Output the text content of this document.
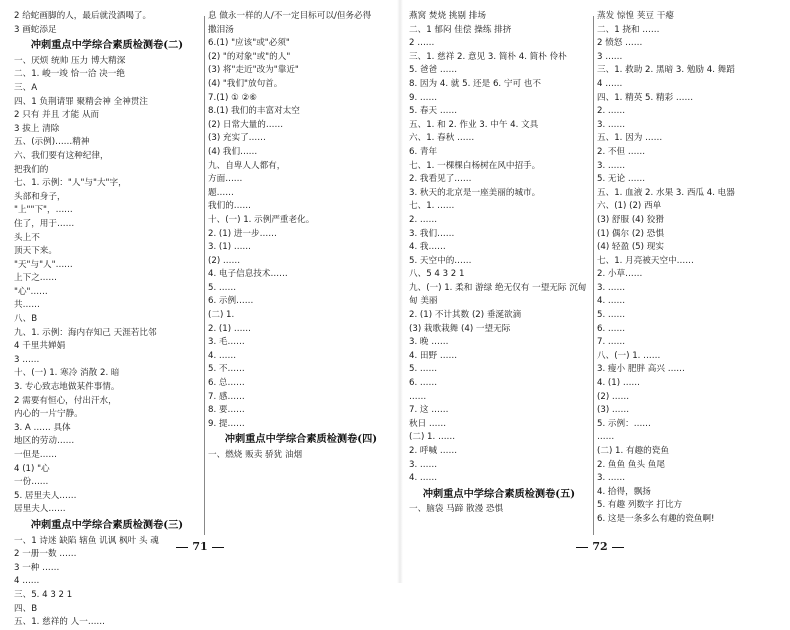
2 给蛇画脚的人，最后就没酒喝了。
3 画蛇添足
冲刺重点中学综合素质检测卷(二)
一、厌烦 统帅 压力 博大精深
二、1. 峻一竣 恰一洽 决一绝
三、A
四、1 负荆请罪 聚精会神 全神贯注
2 只有 并且 才能 从而
3 拔上 清除
五、(示例)……精神
六、我们要有这种纪律，
把我们的
七、1. 示例："人"与"大"字，
头部和身子，
"上""下"，……
住了，用于……
头上不
顶天下来。
"天"与"人"……
上下之……
"心"……
共……
八、B
九、1. 示例：海内存知己 天涯若比邻
4 千里共婵娟
3 ……
十、(一) 1. 寒冷 消散 2. 暗
3. 专心致志地做某件事情。
2 需要有恒心，付出汗水，
内心的一片宁静。
3. A …… 具体
地区的劳动……
一但是……
4 (1) "心
一份……
5. 居里夫人……
居里夫人……
冲刺重点中学综合素质检测卷(三)
一、1 诗迷 缺陷 辖鱼 讥讽 枫叶 头 魂
2 一册一数 ……
3 一种 ……
4 ……
三、5. 4 3 2 1
四、B
五、1. 慈祥的 人一……
息 做永一样的人/不一定目标可以/但务必得
撒泪汤
6.(1) "应该"或"必须"
(2) "的对象"或"的人"
(3) 将"走近"改为"靠近"
(4) "我们"放句首。
7.(1) ① ②⑥
8.(1) 我们的丰富对太空
(2) 日常大量的……
(3) 充实了……
(4) 我们……
九、自卑人人都有，
方面……
题……
我们的……
十、(一) 1. 示例严重老化。
2. (1) 进一步……
3. (1) ……
(2) ……
4. 电子信息技术……
5. ……
6. 示例……
(二) 1.
2. (1) ……
3. 毛……
4. ……
5. 不……
6. 总……
7. 感……
8. 要……
9. 提……
冲刺重点中学综合素质检测卷(四)
一、燃烧 贩卖 骄犹 油烟
燕窝 焚烧 挑剔 排场
二、1 郁闷 佳偿 操练 排挤
2 ……
三、1. 慈祥 2. 意见 3. 简朴 4. 简朴 伶朴
5. 爸爸 ……
8. 因为 4. 就 5. 还是 6. 宁可 也不
9. ……
5. 春天 ……
五、1. 和 2. 作业 3. 中午 4. 文具
六、1. 春秋 ……
6. 青年
七、1. 一棵棵白杨树在风中招手。
2. 我看见了……
3. 秋天的北京是一座美丽的城市。
七、1. ……
2. ……
3. 我们……
4. 我……
5. 天空中的……
八、5 4 3 2 1
九、(一) 1. 柔和 游绿 绝无仅有 一望无际 沉甸
甸 美丽
2. (1) 不计其数 (2) 垂涎欲滴
(3) 栽歌栽舞 (4) 一望无际
3. 晚 ……
4. 田野 ……
5. ……
6. ……
……
7. 这 ……
秋日 ……
(二) 1. ……
2. 呼喊 ……
3. ……
4. ……
冲刺重点中学综合素质检测卷(五)
一、脑袋 马蹄 散漫 恐惧
蒸发 惊惶 荚豆 干瘪
二、1 挠和 ……
2 愤怒 ……
3 ……
三、1. 救助 2. 黑暗 3. 勉励 4. 舞蹈
4 ……
四、1. 精英 5. 精彩 ……
2. ……
3. ……
五、1. 因为 ……
2. 不但 ……
3. ……
5. 无论 ……
五、1. 血液 2. 水果 3. 西瓜 4. 电器
六、(1) (2) 西单
(3) 舒服 (4) 狡猾
(1) 偶尔 (2) 恐惧
(4) 轻盈 (5) 现实
七、1. 月亮被天空中……
2. 小草……
3. ……
4. ……
5. ……
6. ……
7. ……
八、(一) 1. ……
3. 瘦小 肥胖 高兴 ……
4. (1) ……
(2) ……
(3) ……
5. 示例：……
……
(二) 1. 有趣的瓷鱼
2. 鱼鱼 鱼头 鱼尾
3. ……
4. 拾得，飘扬
5. 有趣 列数字 打比方
6. 这是一条多么有趣的瓷鱼啊!
71	72
